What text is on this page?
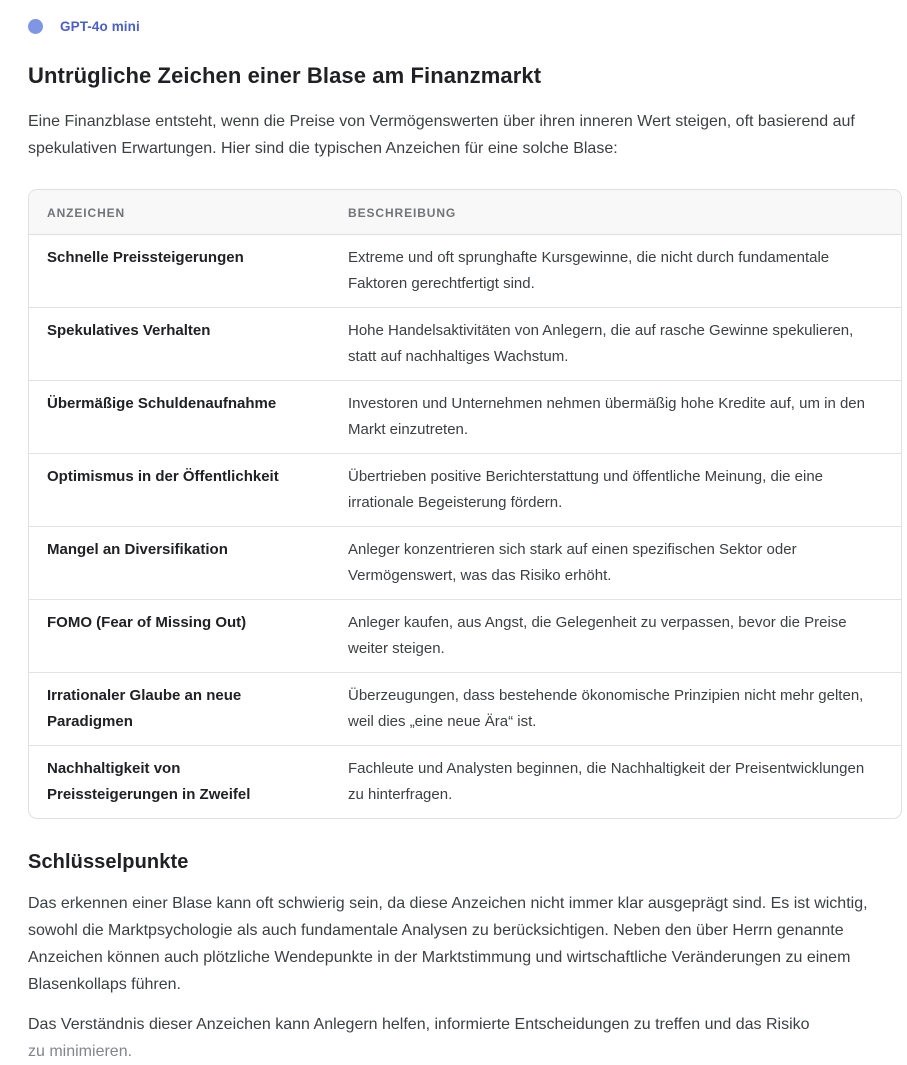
GPT-4o mini
Untrügliche Zeichen einer Blase am Finanzmarkt

Eine Finanzblase entsteht, wenn die Preise von Vermögenswerten über ihren inneren Wert steigen, oft basierend auf spekulativen Erwartungen. Hier sind die typischen Anzeichen für eine solche Blase:

ANZEICHEN	BESCHREIBUNG
Schnelle Preissteigerungen	Extreme und oft sprunghafte Kursgewinne, die nicht durch fundamentale Faktoren gerechtfertigt sind.
Spekulatives Verhalten	Hohe Handelsaktivitäten von Anlegern, die auf rasche Gewinne spekulieren, statt auf nachhaltiges Wachstum.
Übermäßige Schuldenaufnahme	Investoren und Unternehmen nehmen übermäßig hohe Kredite auf, um in den Markt einzutreten.
Optimismus in der Öffentlichkeit	Übertrieben positive Berichterstattung und öffentliche Meinung, die eine irrationale Begeisterung fördern.
Mangel an Diversifikation	Anleger konzentrieren sich stark auf einen spezifischen Sektor oder Vermögenswert, was das Risiko erhöht.
FOMO (Fear of Missing Out)	Anleger kaufen, aus Angst, die Gelegenheit zu verpassen, bevor die Preise weiter steigen.
Irrationaler Glaube an neue Paradigmen	Überzeugungen, dass bestehende ökonomische Prinzipien nicht mehr gelten, weil dies „eine neue Ära“ ist.
Nachhaltigkeit von Preissteigerungen in Zweifel	Fachleute und Analysten beginnen, die Nachhaltigkeit der Preisentwicklungen zu hinterfragen.
Schlüsselpunkte

Das erkennen einer Blase kann oft schwierig sein, da diese Anzeichen nicht immer klar ausgeprägt sind. Es ist wichtig, sowohl die Marktpsychologie als auch fundamentale Analysen zu berücksichtigen. Neben den über Herrn genannte Anzeichen können auch plötzliche Wendepunkte in der Marktstimmung und wirtschaftliche Veränderungen zu einem Blasenkollaps führen.

Das Verständnis dieser Anzeichen kann Anlegern helfen, informierte Entscheidungen zu treffen und das Risiko
zu minimieren.
